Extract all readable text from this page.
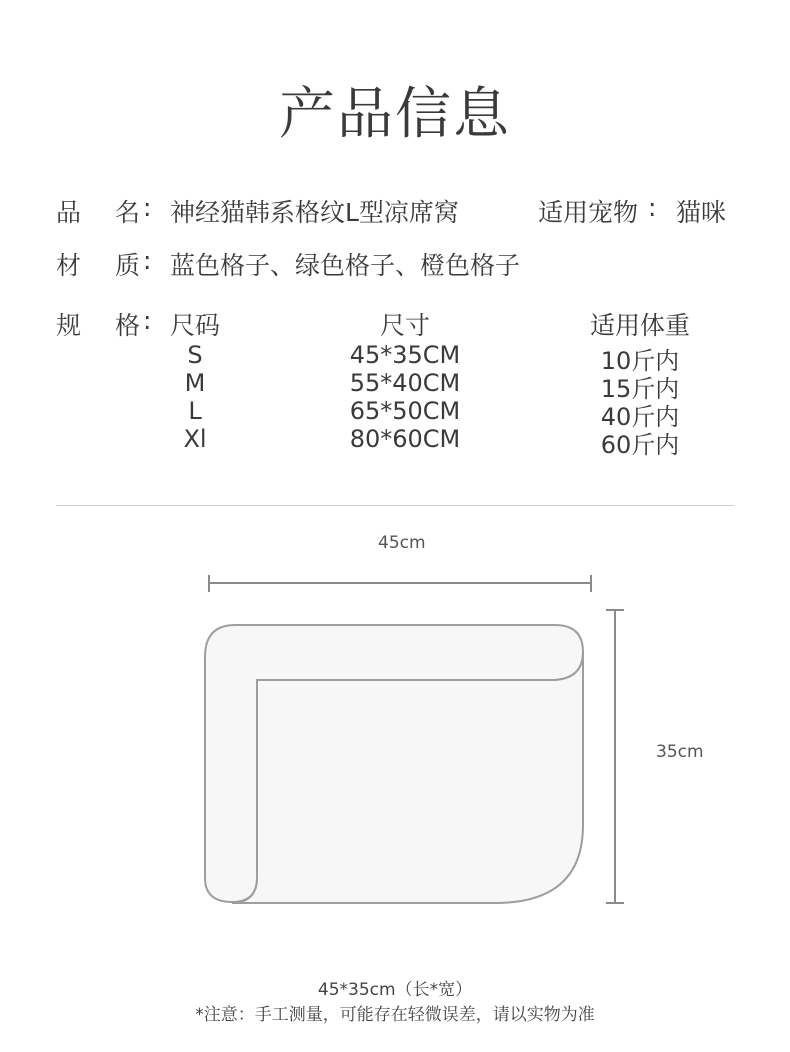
产品信息
品 名 : 神经猫韩系格纹L型凉席窝	适用宠物 : 猫咪
材 质 : 蓝色格子、绿色格子、橙色格子
规 格 : 尺码	尺寸	适用体重
S	45*35CM	10斤内
M	55*40CM	15斤内
L	65*50CM	40斤内
Xl	80*60CM	60斤内
45cm
35cm
45*35cm（长*宽）
*注意：手工测量，可能存在轻微误差，请以实物为准
